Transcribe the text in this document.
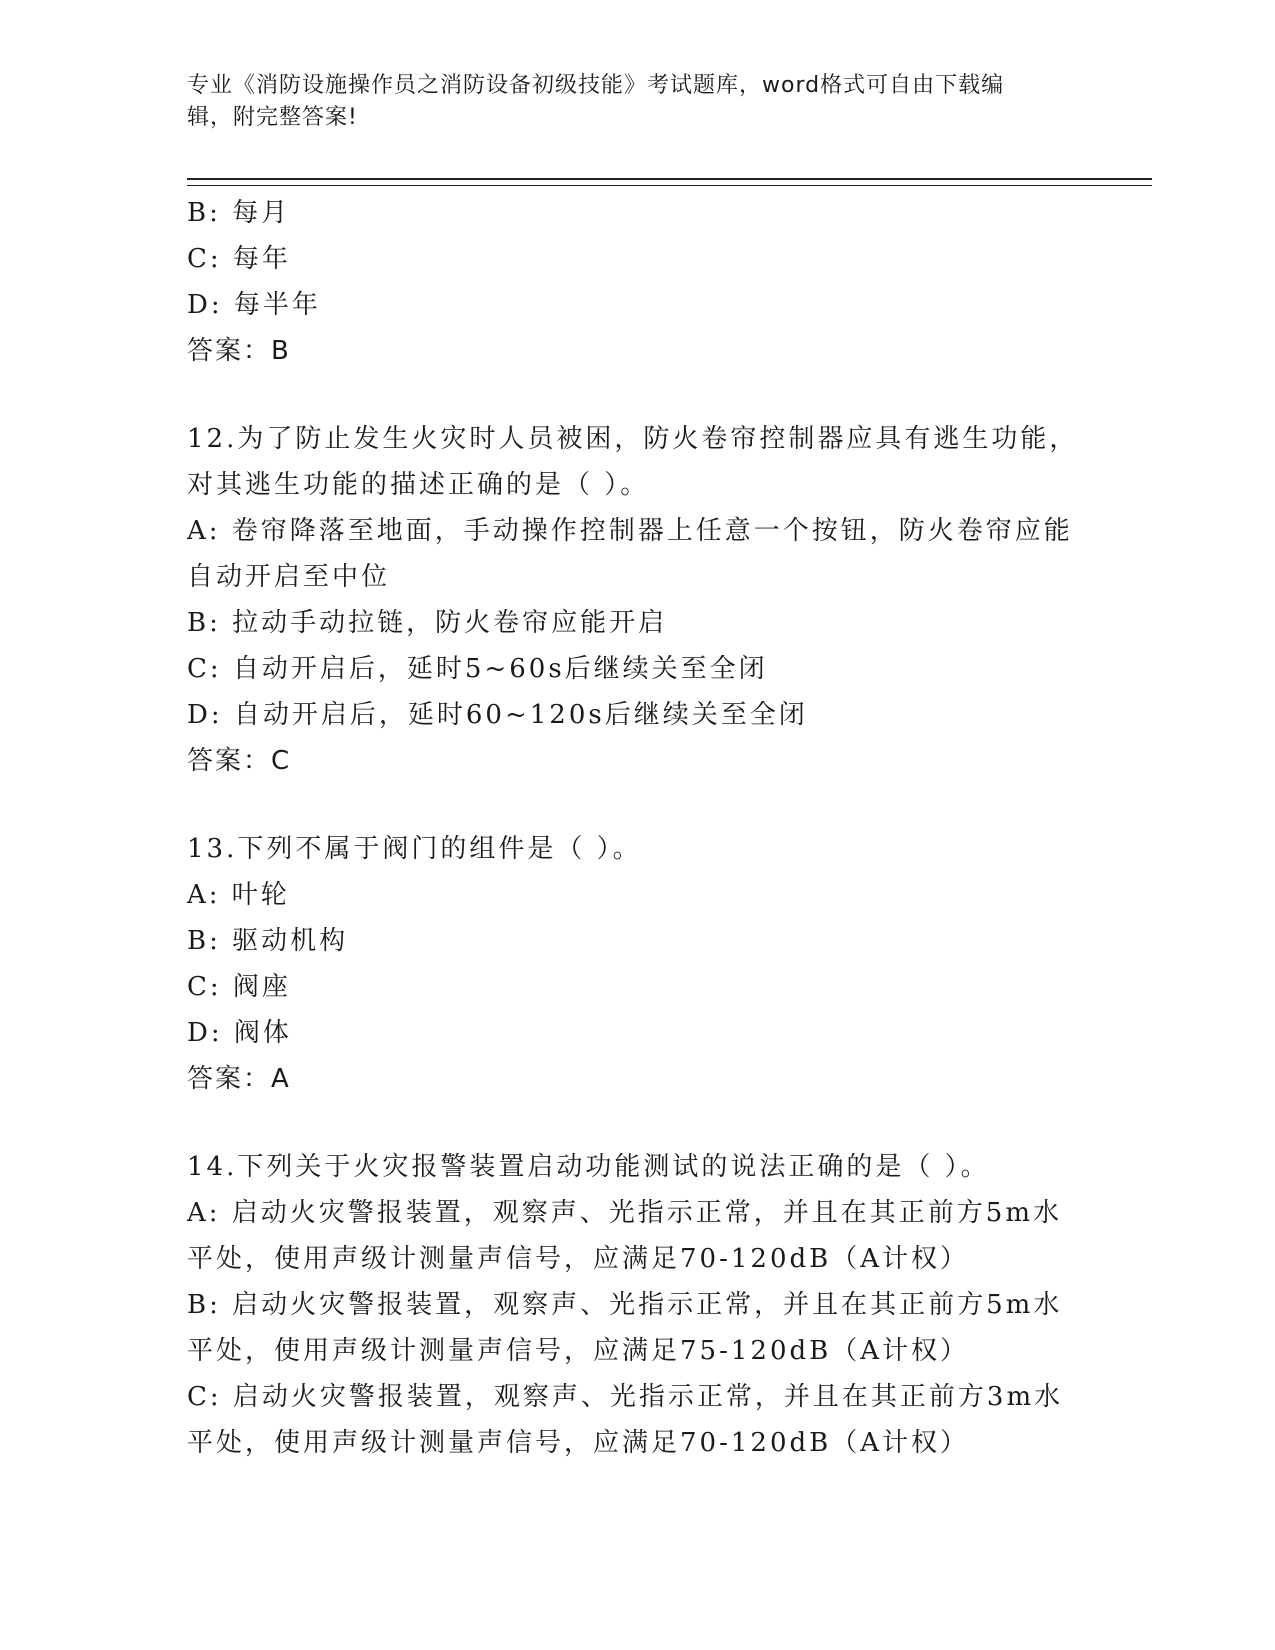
专业《消防设施操作员之消防设备初级技能》考试题库，word格式可自由下载编
辑，附完整答案!
B: 每月
C: 每年
D: 每半年
答案：B
12.为了防止发生火灾时人员被困，防火卷帘控制器应具有逃生功能，
对其逃生功能的描述正确的是（ ）。
A: 卷帘降落至地面，手动操作控制器上任意一个按钮，防火卷帘应能
自动开启至中位
B: 拉动手动拉链，防火卷帘应能开启
C: 自动开启后，延时5~60s后继续关至全闭
D: 自动开启后，延时60~120s后继续关至全闭
答案：C
13.下列不属于阀门的组件是（ ）。
A: 叶轮
B: 驱动机构
C: 阀座
D: 阀体
答案：A
14.下列关于火灾报警装置启动功能测试的说法正确的是（ ）。
A: 启动火灾警报装置，观察声、光指示正常，并且在其正前方5m水
平处，使用声级计测量声信号，应满足70-120dB（A计权）
B: 启动火灾警报装置，观察声、光指示正常，并且在其正前方5m水
平处，使用声级计测量声信号，应满足75-120dB（A计权）
C: 启动火灾警报装置，观察声、光指示正常，并且在其正前方3m水
平处，使用声级计测量声信号，应满足70-120dB（A计权）
